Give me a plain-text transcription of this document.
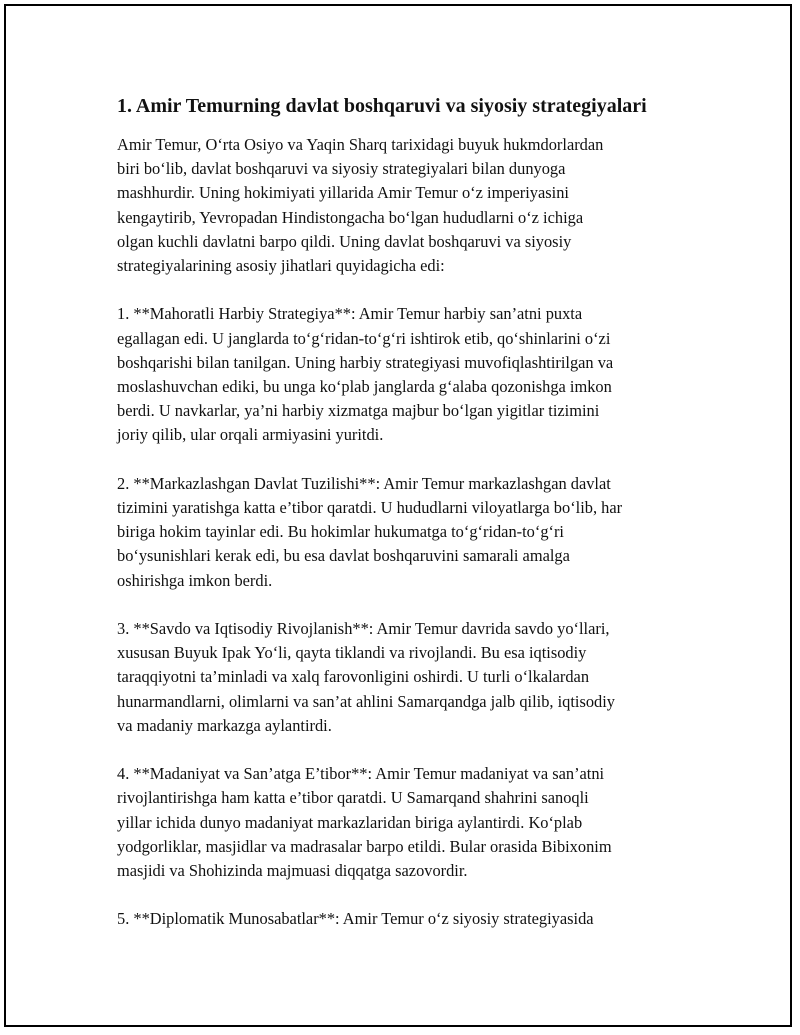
1. Amir Temurning davlat boshqaruvi va siyosiy strategiyalari

Amir Temur, O‘rta Osiyo va Yaqin Sharq tarixidagi buyuk hukmdorlardan
biri bo‘lib, davlat boshqaruvi va siyosiy strategiyalari bilan dunyoga
mashhurdir. Uning hokimiyati yillarida Amir Temur o‘z imperiyasini
kengaytirib, Yevropadan Hindistongacha bo‘lgan hududlarni o‘z ichiga
olgan kuchli davlatni barpo qildi. Uning davlat boshqaruvi va siyosiy
strategiyalarining asosiy jihatlari quyidagicha edi:

1. **Mahoratli Harbiy Strategiya**: Amir Temur harbiy san’atni puxta
egallagan edi. U janglarda to‘g‘ridan-to‘g‘ri ishtirok etib, qo‘shinlarini o‘zi
boshqarishi bilan tanilgan. Uning harbiy strategiyasi muvofiqlashtirilgan va
moslashuvchan ediki, bu unga ko‘plab janglarda g‘alaba qozonishga imkon
berdi. U navkarlar, ya’ni harbiy xizmatga majbur bo‘lgan yigitlar tizimini
joriy qilib, ular orqali armiyasini yuritdi.

2. **Markazlashgan Davlat Tuzilishi**: Amir Temur markazlashgan davlat
tizimini yaratishga katta e’tibor qaratdi. U hududlarni viloyatlarga bo‘lib, har
biriga hokim tayinlar edi. Bu hokimlar hukumatga to‘g‘ridan-to‘g‘ri
bo‘ysunishlari kerak edi, bu esa davlat boshqaruvini samarali amalga
oshirishga imkon berdi.

3. **Savdo va Iqtisodiy Rivojlanish**: Amir Temur davrida savdo yo‘llari,
xususan Buyuk Ipak Yo‘li, qayta tiklandi va rivojlandi. Bu esa iqtisodiy
taraqqiyotni ta’minladi va xalq farovonligini oshirdi. U turli o‘lkalardan
hunarmandlarni, olimlarni va san’at ahlini Samarqandga jalb qilib, iqtisodiy
va madaniy markazga aylantirdi.

4. **Madaniyat va San’atga E’tibor**: Amir Temur madaniyat va san’atni
rivojlantirishga ham katta e’tibor qaratdi. U Samarqand shahrini sanoqli
yillar ichida dunyo madaniyat markazlaridan biriga aylantirdi. Ko‘plab
yodgorliklar, masjidlar va madrasalar barpo etildi. Bular orasida Bibixonim
masjidi va Shohizinda majmuasi diqqatga sazovordir.

5. **Diplomatik Munosabatlar**: Amir Temur o‘z siyosiy strategiyasida
